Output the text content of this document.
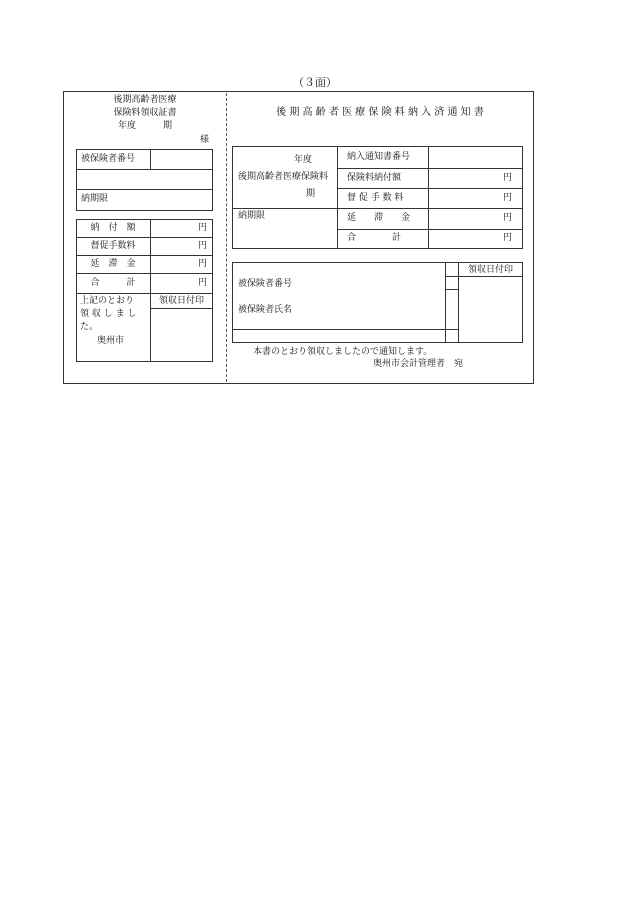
（３面）
後期高齢者医療
保険料領収証書
年度　　　期
様
被保険者番号
納期限
納　付　額	円
督促手数料	円
延　滞　金	円
合　　　計	円
上記のとおり
領 収 し ま し
た。
奥州市
領収日付印
後 期 高 齢 者 医 療 保 険 料 納 入 済 通 知 書
年度
後期高齢者医療保険料
期
納期限
納入通知書番号
保険料納付額	円
督 促 手 数 料	円
延　　滞　　金	円
合　　　　計	円
被保険者番号
被保険者氏名
領収日付印
本書のとおり領収しましたので通知します。
奥州市会計管理者　宛
